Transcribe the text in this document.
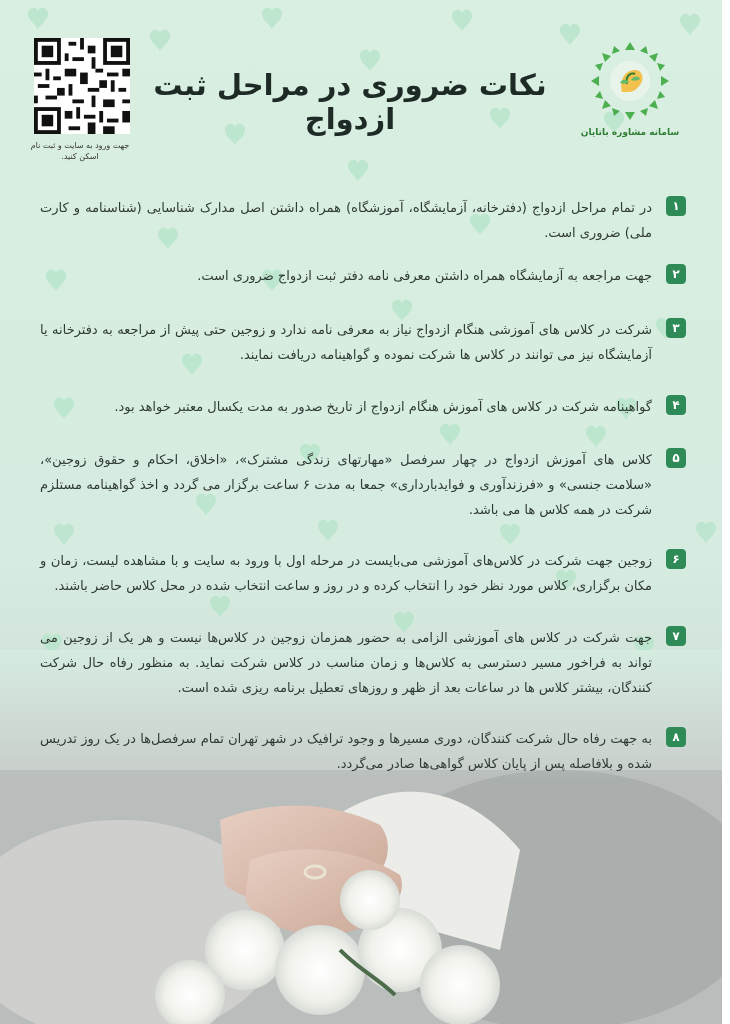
جهت ورود به سایت و ثبت نام اسکن کنید.
نکات ضروری در مراحل ثبت ازدواج	سامانه مشاوره باتایان
۱
در تمام مراحل ازدواج (دفترخانه، آزمایشگاه، آموزشگاه) همراه داشتن اصل مدارک شناسایی (شناسنامه و کارت ملی) ضروری است.
۲
جهت مراجعه به آزمایشگاه همراه داشتن معرفی نامه دفتر ثبت ازدواج ضروری است.
۳
شرکت در کلاس های آموزشی هنگام ازدواج نیاز به معرفی نامه ندارد و زوجین حتی پیش از مراجعه به دفترخانه یا آزمایشگاه نیز می توانند در کلاس ها شرکت نموده و گواهینامه دریافت نمایند.
۴
گواهینامه شرکت در کلاس های آموزش هنگام ازدواج از تاریخ صدور به مدت یکسال معتبر خواهد بود.
۵
کلاس های آموزش ازدواج در چهار سرفصل «مهارتهای زندگی مشترک»، «اخلاق، احکام و حقوق زوجین»، «سلامت جنسی» و «فرزندآوری و فوایدبارداری» جمعا به مدت ۶ ساعت برگزار می گردد و اخذ گواهینامه مستلزم شرکت در همه کلاس ها می باشد.
۶
زوجین جهت شرکت در کلاس‌های آموزشی می‌بایست در مرحله اول با ورود به سایت و با مشاهده لیست، زمان و مکان برگزاری، کلاس مورد نظر خود را انتخاب کرده و در روز و ساعت انتخاب شده در محل کلاس حاضر باشند.
۷
جهت شرکت در کلاس های آموزشی الزامی به حضور همزمان زوجین در کلاس‌ها نیست و هر یک از زوجین می تواند به فراخور مسیر دسترسی به کلاس‌ها و زمان مناسب در کلاس شرکت نماید. به منظور رفاه حال شرکت کنندگان، بیشتر کلاس ها در ساعات بعد از ظهر و روزهای تعطیل برنامه ریزی شده است.
۸
به جهت رفاه حال شرکت کنندگان، دوری مسیرها و وجود ترافیک در شهر تهران تمام سرفصل‌ها در یک روز تدریس شده و بلافاصله پس از پایان کلاس گواهی‌ها صادر می‌گردد.
